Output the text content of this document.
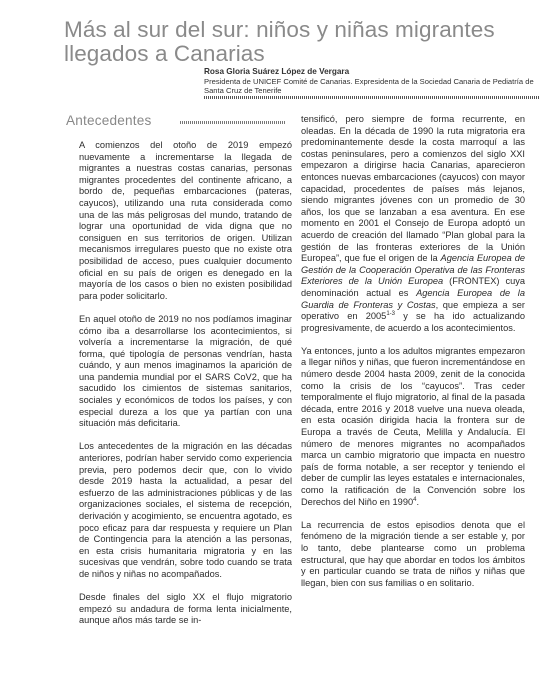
Más al sur del sur: niños y niñas migrantes llegados a Canarias
Rosa Gloria Suárez López de Vergara
Presidenta de UNICEF Comité de Canarias. Expresidenta de la Sociedad Canaria de Pediatría de Santa Cruz de Tenerife
Antecedentes

A comienzos del otoño de 2019 empezó nuevamente a incrementarse la llegada de migrantes a nuestras costas canarias, personas migrantes procedentes del continente africano, a bordo de, pequeñas embarcaciones (pateras, cayucos), utilizando una ruta considerada como una de las más peligrosas del mundo, tratando de lograr una oportunidad de vida digna que no consiguen en sus territorios de origen. Utilizan mecanismos irregulares puesto que no existe otra posibilidad de acceso, pues cualquier documento oficial en su país de origen es denegado en la mayoría de los casos o bien no existen posibilidad para poder solicitarlo.

En aquel otoño de 2019 no nos podíamos imaginar cómo iba a desarrollarse los acontecimientos, si volvería a incrementarse la migración, de qué forma, qué tipología de personas vendrían, hasta cuándo, y aun menos imaginamos la aparición de una pandemia mundial por el SARS CoV2, que ha sacudido los cimientos de sistemas sanitarios, sociales y económicos de todos los países, y con especial dureza a los que ya partían con una situación más deficitaria.

Los antecedentes de la migración en las décadas anteriores, podrían haber servido como experiencia previa, pero podemos decir que, con lo vivido desde 2019 hasta la actualidad, a pesar del esfuerzo de las administraciones públicas y de las organizaciones sociales, el sistema de recepción, derivación y acogimiento, se encuentra agotado, es poco eficaz para dar respuesta y requiere un Plan de Contingencia para la atención a las personas, en esta crisis humanitaria migratoria y en las sucesivas que vendrán, sobre todo cuando se trata de niños y niñas no acompañados.

Desde finales del siglo XX el flujo migratorio empezó su andadura de forma lenta inicialmente, aunque años más tarde se in-

tensificó, pero siempre de forma recurrente, en oleadas. En la década de 1990 la ruta migratoria era predominantemente desde la costa marroquí a las costas peninsulares, pero a comienzos del siglo XXI empezaron a dirigirse hacia Canarias, aparecieron entonces nuevas embarcaciones (cayucos) con mayor capacidad, procedentes de países más lejanos, siendo migrantes jóvenes con un promedio de 30 años, los que se lanzaban a esa aventura. En ese momento en 2001 el Consejo de Europa adoptó un acuerdo de creación del llamado “Plan global para la gestión de las fronteras exteriores de la Unión Europea”, que fue el origen de la Agencia Europea de Gestión de la Cooperación Operativa de las Fronteras Exteriores de la Unión Europea (FRONTEX) cuya denominación actual es Agencia Europea de la Guardia de Fronteras y Costas, que empieza a ser operativo en 2005$^{1-3}$ y se ha ido actualizando progresivamente, de acuerdo a los acontecimientos.

Ya entonces, junto a los adultos migrantes empezaron a llegar niños y niñas, que fueron incrementándose en número desde 2004 hasta 2009, zenit de la conocida como la crisis de los “cayucos”. Tras ceder temporalmente el flujo migratorio, al final de la pasada década, entre 2016 y 2018 vuelve una nueva oleada, en esta ocasión dirigida hacia la frontera sur de Europa a través de Ceuta, Melilla y Andalucía. El número de menores migrantes no acompañados marca un cambio migratorio que impacta en nuestro país de forma notable, a ser receptor y teniendo el deber de cumplir las leyes estatales e internacionales, como la ratificación de la Convención sobre los Derechos del Niño en 1990$^4$.

La recurrencia de estos episodios denota que el fenómeno de la migración tiende a ser estable y, por lo tanto, debe plantearse como un problema estructural, que hay que abordar en todos los ámbitos y en particular cuando se trata de niños y niñas que llegan, bien con sus familias o en solitario.
